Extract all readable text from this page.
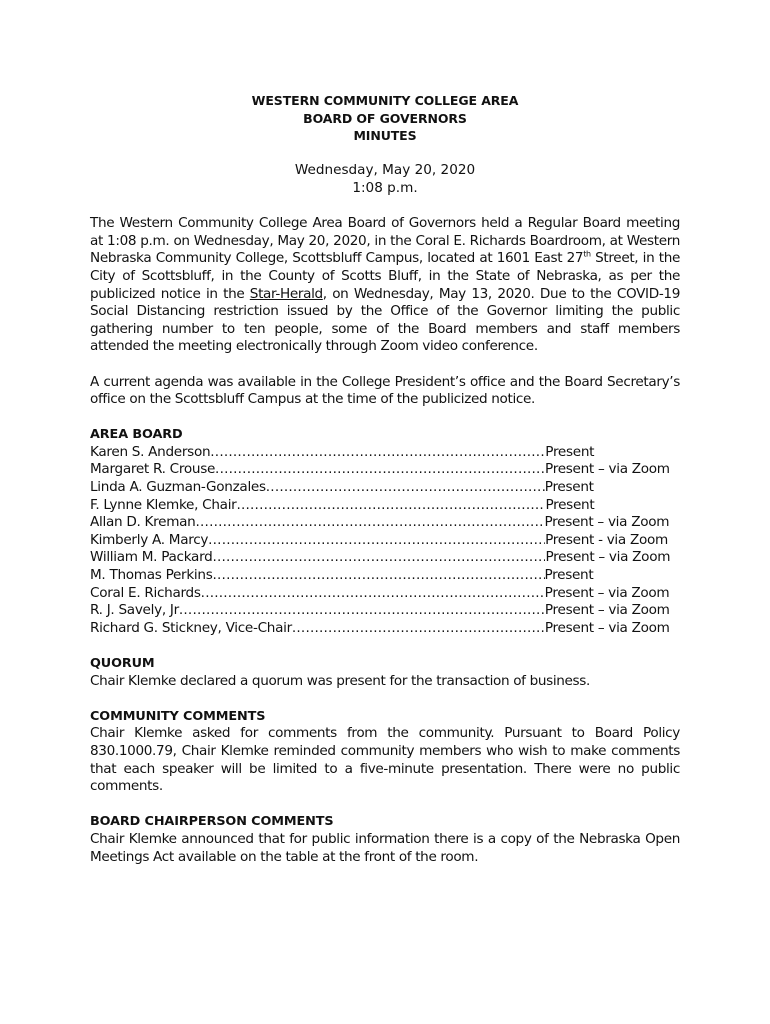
WESTERN COMMUNITY COLLEGE AREA
BOARD OF GOVERNORS
MINUTES
Wednesday, May 20, 2020
1:08 p.m.

The Western Community College Area Board of Governors held a Regular Board meeting at 1:08 p.m. on Wednesday, May 20, 2020, in the Coral E. Richards Boardroom, at Western Nebraska Community College, Scottsbluff Campus, located at 1601 East 27th Street, in the City of Scottsbluff, in the County of Scotts Bluff, in the State of Nebraska, as per the publicized notice in the Star-Herald, on Wednesday, May 13, 2020. Due to the COVID-19 Social Distancing restriction issued by the Office of the Governor limiting the public gathering number to ten people, some of the Board members and staff members attended the meeting electronically through Zoom video conference.

A current agenda was available in the College President’s office and the Board Secretary’s office on the Scottsbluff Campus at the time of the publicized notice.

AREA BOARD
Karen S. Anderson .....	Present
Margaret R. Crouse .....	Present – via Zoom
Linda A. Guzman-Gonzales .....	Present
F. Lynne Klemke, Chair .....	Present
Allan D. Kreman .....	Present – via Zoom
Kimberly A. Marcy .....	Present - via Zoom
William M. Packard .....	Present – via Zoom
M. Thomas Perkins .....	Present
Coral E. Richards .....	Present – via Zoom
R. J. Savely, Jr .....	Present – via Zoom
Richard G. Stickney, Vice-Chair .....	Present – via Zoom
QUORUM
Chair Klemke declared a quorum was present for the transaction of business.
COMMUNITY COMMENTS
Chair Klemke asked for comments from the community. Pursuant to Board Policy 830.1000.79, Chair Klemke reminded community members who wish to make comments that each speaker will be limited to a five-minute presentation. There were no public comments.
BOARD CHAIRPERSON COMMENTS
Chair Klemke announced that for public information there is a copy of the Nebraska Open Meetings Act available on the table at the front of the room.
